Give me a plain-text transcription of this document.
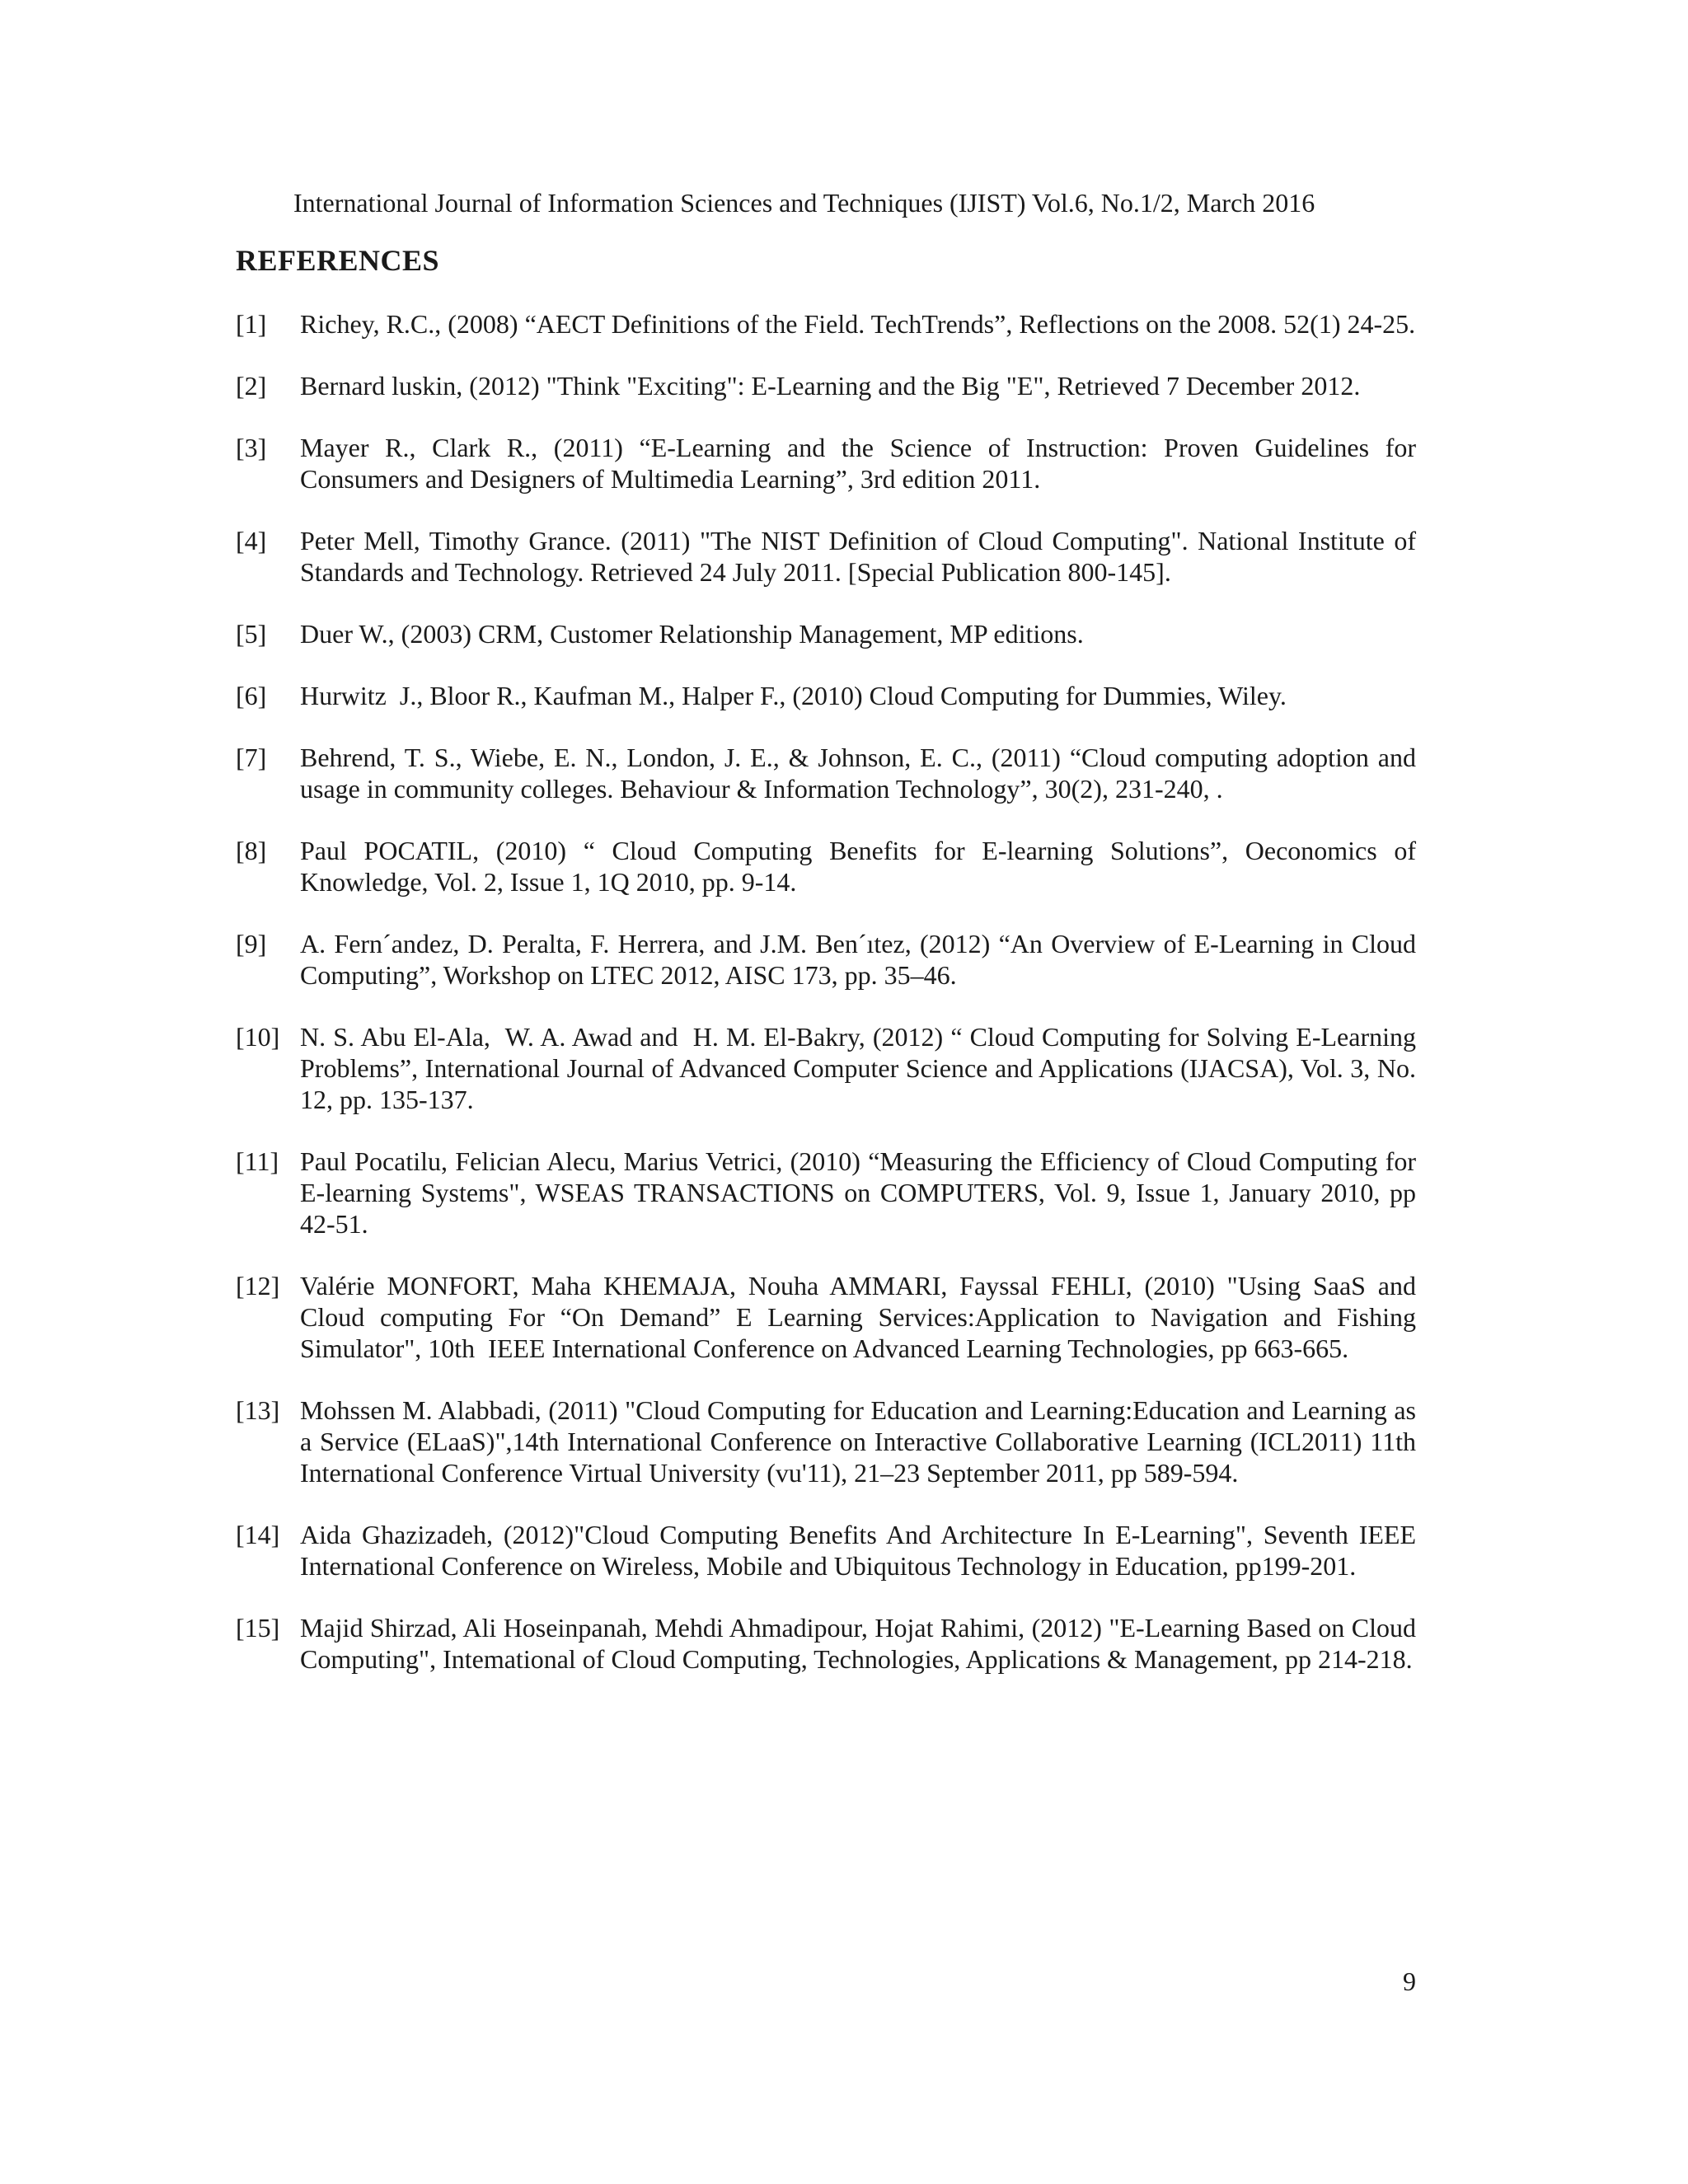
International Journal of Information Sciences and Techniques (IJIST) Vol.6, No.1/2, March 2016
REFERENCES
[1]	Richey, R.C., (2008) “AECT Definitions of the Field. TechTrends”, Reflections on the 2008. 52(1) 24-25.
[2]	Bernard luskin, (2012) "Think "Exciting": E-Learning and the Big "E", Retrieved 7 December 2012.
[3]	Mayer R., Clark R., (2011) “E-Learning and the Science of Instruction: Proven Guidelines for Consumers and Designers of Multimedia Learning”, 3rd edition 2011.
[4]	Peter Mell, Timothy Grance. (2011) "The NIST Definition of Cloud Computing". National Institute of Standards and Technology. Retrieved 24 July 2011. [Special Publication 800-145].
[5]	Duer W., (2003) CRM, Customer Relationship Management, MP editions.
[6]	Hurwitz  J., Bloor R., Kaufman M., Halper F., (2010) Cloud Computing for Dummies, Wiley.
[7]	Behrend, T. S., Wiebe, E. N., London, J. E., & Johnson, E. C., (2011) “Cloud computing adoption and usage in community colleges. Behaviour & Information Technology”, 30(2), 231-240, .
[8]	Paul POCATIL, (2010) “ Cloud Computing Benefits for E-learning Solutions”, Oeconomics of Knowledge, Vol. 2, Issue 1, 1Q 2010, pp. 9-14.
[9]	A. Fern´andez, D. Peralta, F. Herrera, and J.M. Ben´ıtez, (2012) “An Overview of E-Learning in Cloud Computing”, Workshop on LTEC 2012, AISC 173, pp. 35–46.
[10] N. S. Abu El-Ala,  W. A. Awad and  H. M. El-Bakry, (2012) “ Cloud Computing for Solving E-Learning Problems”, International Journal of Advanced Computer Science and Applications (IJACSA), Vol. 3, No. 12, pp. 135-137.
[11] Paul Pocatilu, Felician Alecu, Marius Vetrici, (2010) “Measuring the Efficiency of Cloud Computing for E-learning Systems", WSEAS TRANSACTIONS on COMPUTERS, Vol. 9, Issue 1, January 2010, pp 42-51.
[12] Valérie MONFORT, Maha KHEMAJA, Nouha AMMARI, Fayssal FEHLI, (2010) "Using SaaS and Cloud computing For “On Demand” E Learning Services:Application to Navigation and Fishing Simulator", 10th  IEEE International Conference on Advanced Learning Technologies, pp 663-665.
[13] Mohssen M. Alabbadi, (2011) "Cloud Computing for Education and Learning:Education and Learning as a Service (ELaaS)",14th International Conference on Interactive Collaborative Learning (ICL2011) 11th International Conference Virtual University (vu'11), 21–23 September 2011, pp 589-594.
[14] Aida Ghazizadeh, (2012)"Cloud Computing Benefits And Architecture In E-Learning", Seventh IEEE International Conference on Wireless, Mobile and Ubiquitous Technology in Education, pp199-201.
[15] Majid Shirzad, Ali Hoseinpanah, Mehdi Ahmadipour, Hojat Rahimi, (2012) "E-Learning Based on Cloud Computing", Intemational of Cloud Computing, Technologies, Applications & Management, pp 214-218.
9
